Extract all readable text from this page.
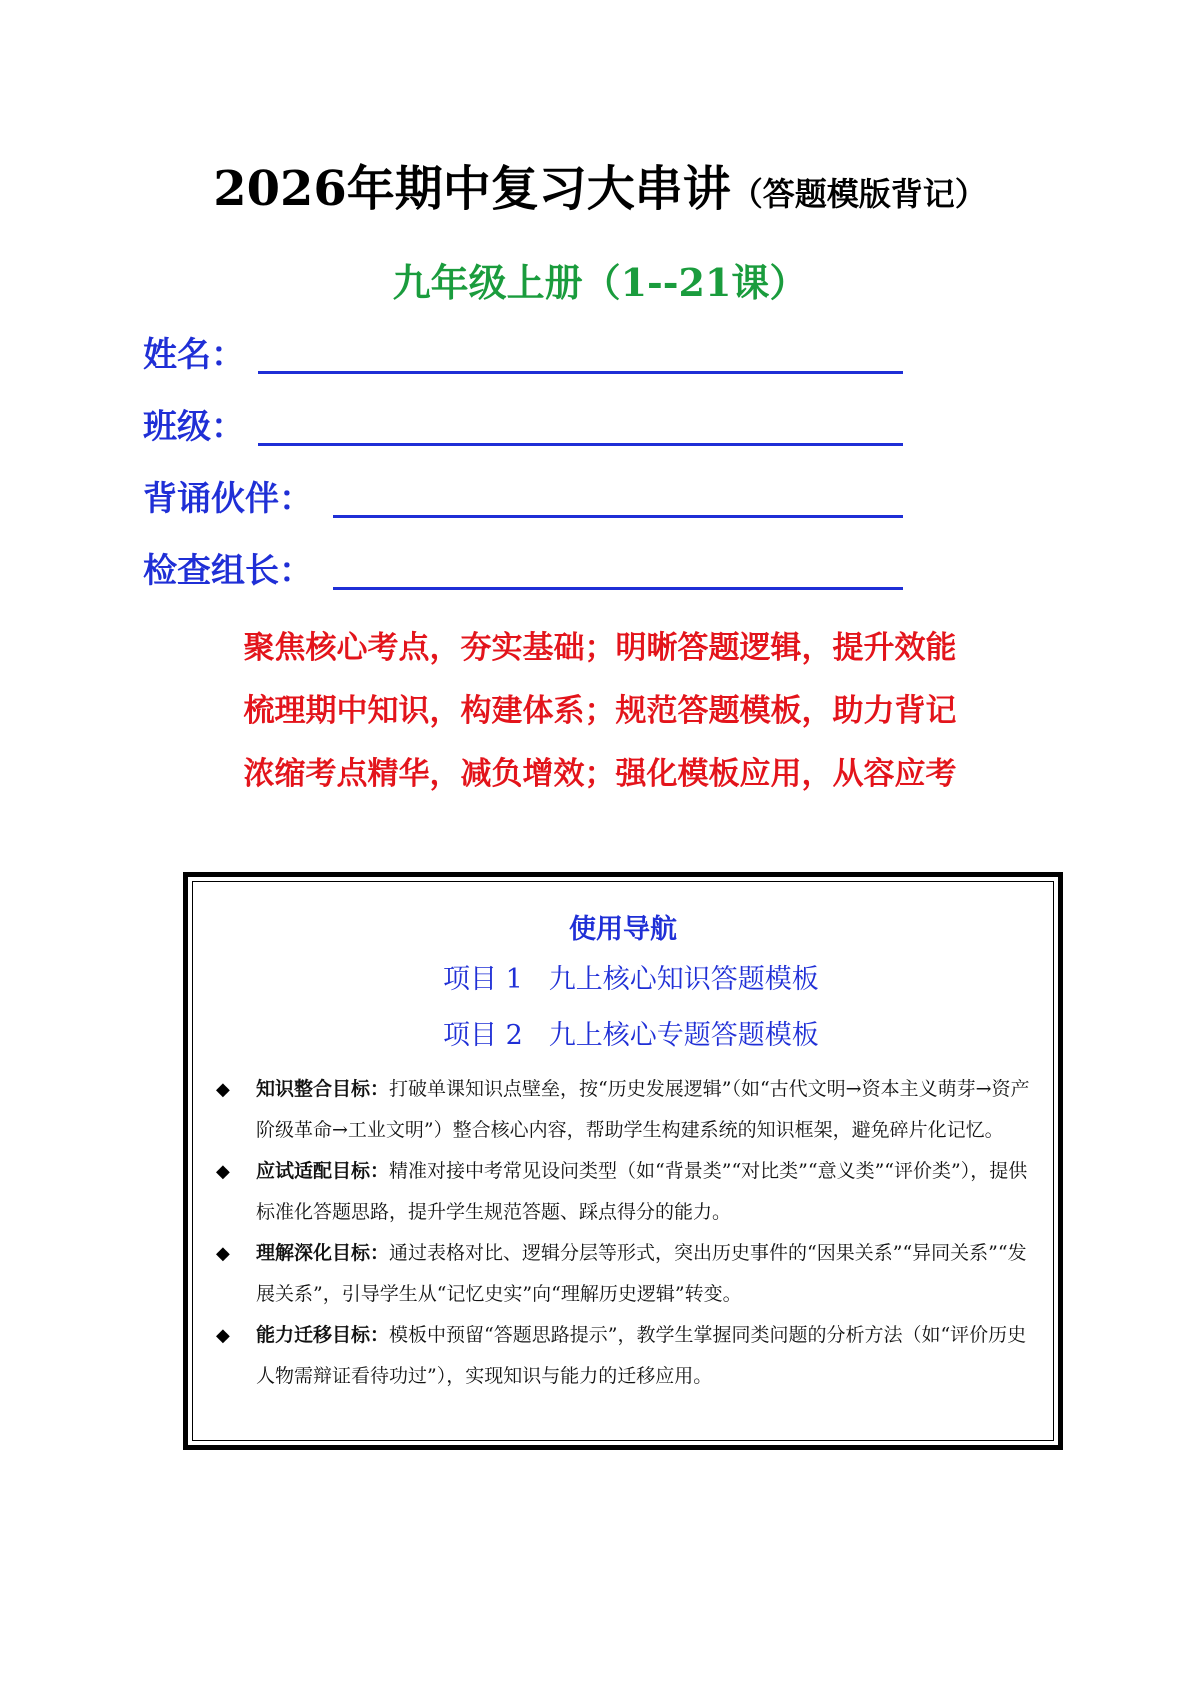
2026年期中复习大串讲（答题模版背记）
九年级上册（1--21课）
姓名：
班级：
背诵伙伴：
检查组长：
聚焦核心考点，夯实基础；明晰答题逻辑，提升效能
梳理期中知识，构建体系；规范答题模板，助力背记
浓缩考点精华，减负增效；强化模板应用，从容应考
使用导航
项目 1 九上核心知识答题模板
项目 2 九上核心专题答题模板
◆ 知识整合目标：打破单课知识点壁垒，按“历史发展逻辑”（如“古代文明→资本主义萌芽→资产阶级革命→工业文明”）整合核心内容，帮助学生构建系统的知识框架，避免碎片化记忆。
◆ 应试适配目标：精准对接中考常见设问类型（如“背景类”“对比类”“意义类”“评价类”），提供标准化答题思路，提升学生规范答题、踩点得分的能力。
◆ 理解深化目标：通过表格对比、逻辑分层等形式，突出历史事件的“因果关系”“异同关系”“发展关系”，引导学生从“记忆史实”向“理解历史逻辑”转变。
◆ 能力迁移目标：模板中预留“答题思路提示”，教学生掌握同类问题的分析方法（如“评价历史人物需辩证看待功过”），实现知识与能力的迁移应用。
